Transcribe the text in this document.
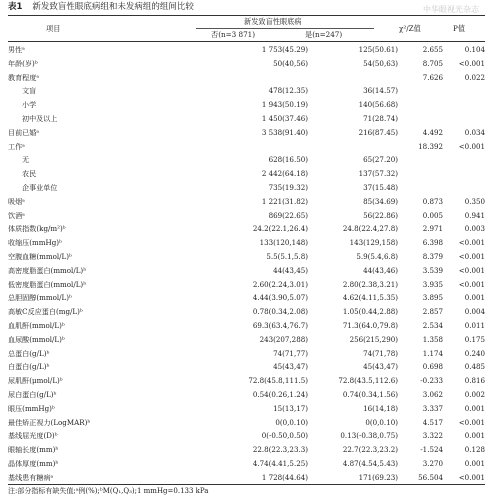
表1 新发致盲性眼底病组和未发病组的组间比较	中华眼视光杂志
项目
新发致盲性眼底病
否(n=3 871)	是(n=247)
χ²/Z值	P值
男性ᵃ	1 753(45.29)	125(50.61)	2.655	0.104
年龄(岁)ᵇ	50(40,56)	54(50,63)	8.705	<0.001
教育程度ᵃ			7.626	0.022
文盲	478(12.35)	36(14.57)		
小学	1 943(50.19)	140(56.68)		
初中及以上	1 450(37.46)	71(28.74)		
目前已婚ᵃ	3 538(91.40)	216(87.45)	4.492	0.034
工作ᵃ			18.392	<0.001
无	628(16.50)	65(27.20)		
农民	2 442(64.18)	137(57.32)		
企事业单位	735(19.32)	37(15.48)		
吸烟ᵃ	1 221(31.82)	85(34.69)	0.873	0.350
饮酒ᵃ	869(22.65)	56(22.86)	0.005	0.941
体质指数(kg/m²)ᵇ	24.2(22.1,26.4)	24.8(22.4,27.8)	2.971	0.003
收缩压(mmHg)ᵇ	133(120,148)	143(129,158)	6.398	<0.001
空腹血糖(mmol/L)ᵇ	5.5(5.1,5.8)	5.9(5.4,6.8)	8.379	<0.001
高密度脂蛋白(mmol/L)ᵇ	44(43,45)	44(43,46)	3.539	<0.001
低密度脂蛋白(mmol/L)ᵇ	2.60(2.24,3.01)	2.80(2.38,3.21)	3.935	<0.001
总胆固醇(mmol/L)ᵇ	4.44(3.90,5.07)	4.62(4.11,5.35)	3.895	0.001
高敏C反应蛋白(mg/L)ᵇ	0.78(0.34,2.08)	1.05(0.44,2.88)	2.857	0.004
血肌酐(mmol/L)ᵇ	69.3(63.4,76.7)	71.3(64.0,79.8)	2.534	0.011
血尿酸(mmol/L)ᵇ	243(207,288)	256(215,290)	1.358	0.175
总蛋白(g/L)ᵇ	74(71,77)	74(71,78)	1.174	0.240
白蛋白(g/L)ᵇ	45(43,47)	45(43,47)	0.698	0.485
尿肌酐(μmol/L)ᵇ	72.8(45.8,111.5)	72.8(43.5,112.6)	-0.233	0.816
尿白蛋白(g/L)ᵇ	0.54(0.26,1.24)	0.74(0.34,1.56)	3.062	0.002
眼压(mmHg)ᵇ	15(13,17)	16(14,18)	3.337	0.001
最佳矫正视力(LogMAR)ᵇ	0(0,0.10)	0(0,0.10)	4.517	<0.001
基线屈光度(D)ᵇ	0(-0.50,0.50)	0.13(-0.38,0.75)	3.322	0.001
眼轴长度(mm)ᵇ	22.8(22.3,23.3)	22.7(22.3,23.2)	-1.524	0.128
晶体厚度(mm)ᵇ	4.74(4.41,5.25)	4.87(4.54,5.43)	3.270	0.001
基线患有糖病ᵃ	1 728(44.64)	171(69.23)	56.504	<0.001
注:部分指标有缺失值;ᵃ例(%);ᵇM(Q₁,Q₃);1 mmHg=0.133 kPa
